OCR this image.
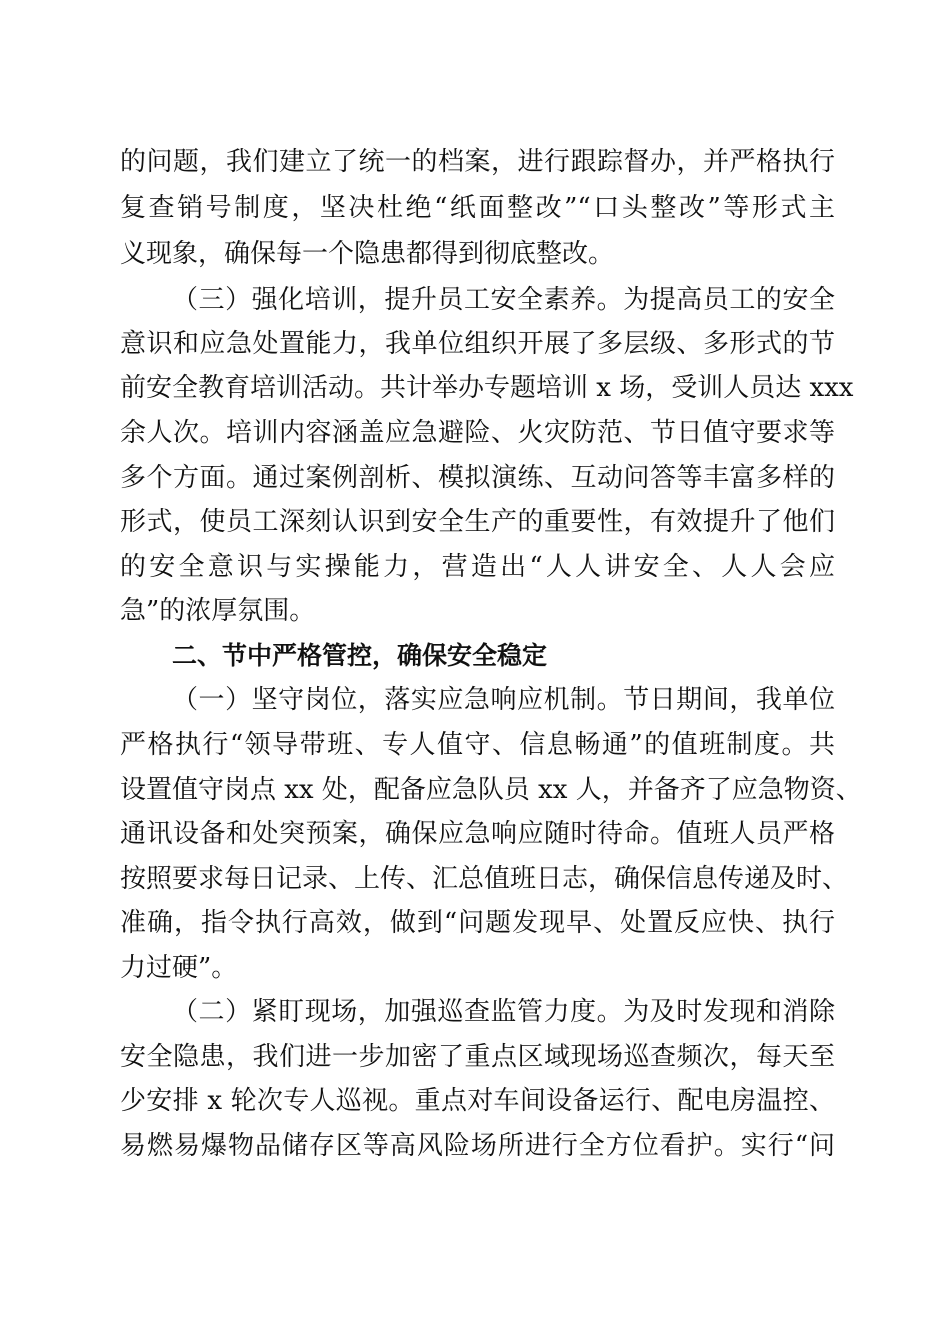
的问题，我们建立了统一的档案，进行跟踪督办，并严格执行
复查销号制度，坚决杜绝“纸面整改”“口头整改”等形式主
义现象，确保每一个隐患都得到彻底整改。
（三）强化培训，提升员工安全素养。为提高员工的安全
意识和应急处置能力，我单位组织开展了多层级、多形式的节
前安全教育培训活动。共计举办专题培训 x 场，受训人员达 xxx
余人次。培训内容涵盖应急避险、火灾防范、节日值守要求等
多个方面。通过案例剖析、模拟演练、互动问答等丰富多样的
形式，使员工深刻认识到安全生产的重要性，有效提升了他们
的安全意识与实操能力，营造出“人人讲安全、人人会应
急”的浓厚氛围。
二、节中严格管控，确保安全稳定
（一）坚守岗位，落实应急响应机制。节日期间，我单位
严格执行“领导带班、专人值守、信息畅通”的值班制度。共
设置值守岗点 xx 处，配备应急队员 xx 人，并备齐了应急物资、
通讯设备和处突预案，确保应急响应随时待命。值班人员严格
按照要求每日记录、上传、汇总值班日志，确保信息传递及时、
准确，指令执行高效，做到“问题发现早、处置反应快、执行
力过硬”。
（二）紧盯现场，加强巡查监管力度。为及时发现和消除
安全隐患，我们进一步加密了重点区域现场巡查频次，每天至
少安排 x 轮次专人巡视。重点对车间设备运行、配电房温控、
易燃易爆物品储存区等高风险场所进行全方位看护。实行“问
